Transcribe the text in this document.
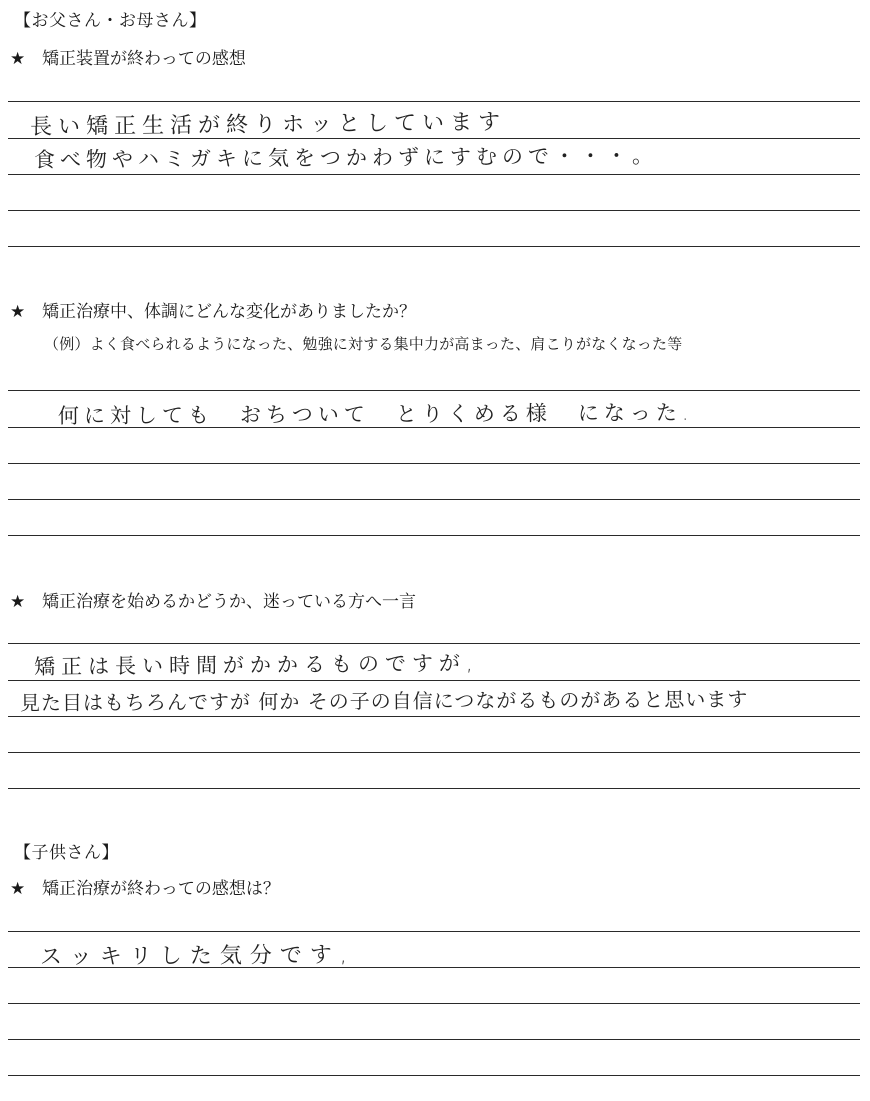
【お父さん・お母さん】
★ 矯正装置が終わっての感想
長い矯正生活が終りホッとしています
食べ物やハミガキに気をつかわずにすむので・・・。
★ 矯正治療中、体調にどんな変化がありましたか？
（例）よく食べられるようになった、勉強に対する集中力が高まった、肩こりがなくなった等
何に対しても　おちついて　とりくめる様　になった.
★ 矯正治療を始めるかどうか、迷っている方へ一言
矯正は長い時間がかかるものですが,
見た目はもちろんですが 何か その子の自信につながるものがあると思います
【子供さん】
★ 矯正治療が終わっての感想は？
スッキリした気分です,
